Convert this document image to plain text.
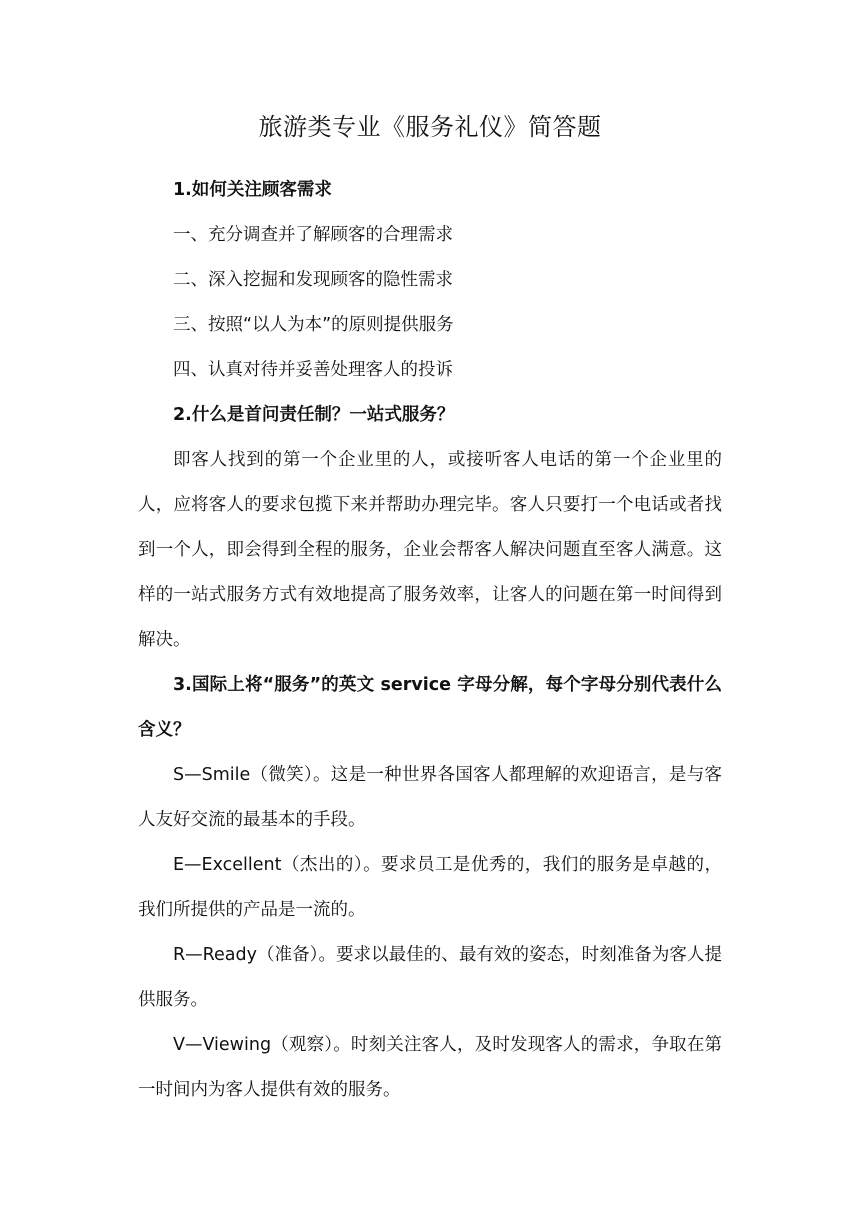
旅游类专业《服务礼仪》简答题

1.如何关注顾客需求

一、充分调查并了解顾客的合理需求

二、深入挖掘和发现顾客的隐性需求

三、按照“以人为本”的原则提供服务

四、认真对待并妥善处理客人的投诉

2.什么是首问责任制？一站式服务？

即客人找到的第一个企业里的人，或接听客人电话的第一个企业里的人，应将客人的要求包揽下来并帮助办理完毕。客人只要打一个电话或者找到一个人，即会得到全程的服务，企业会帮客人解决问题直至客人满意。这样的一站式服务方式有效地提高了服务效率，让客人的问题在第一时间得到解决。

3.国际上将“服务”的英文 service 字母分解，每个字母分别代表什么含义？

S—Smile（微笑）。这是一种世界各国客人都理解的欢迎语言，是与客人友好交流的最基本的手段。

E—Excellent（杰出的）。要求员工是优秀的，我们的服务是卓越的，我们所提供的产品是一流的。

R—Ready（准备）。要求以最佳的、最有效的姿态，时刻准备为客人提供服务。

V—Viewing（观察）。时刻关注客人，及时发现客人的需求，争取在第一时间内为客人提供有效的服务。
